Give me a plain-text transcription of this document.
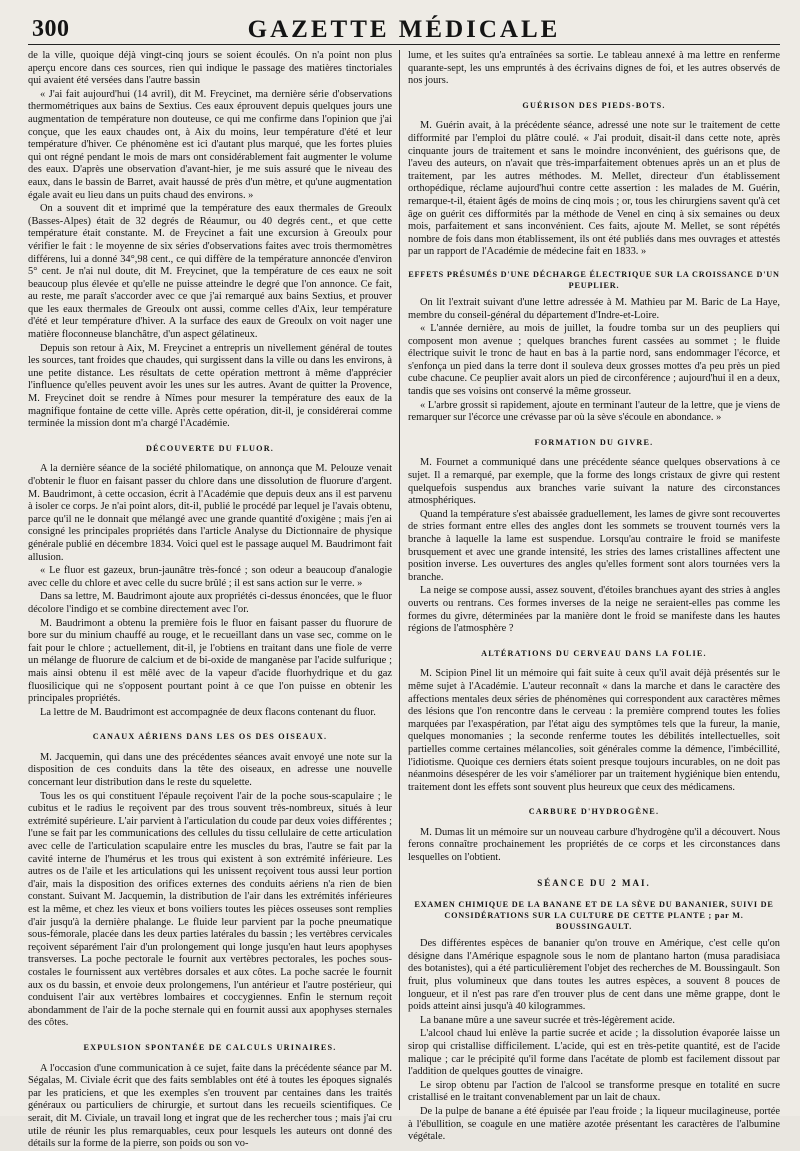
300	GAZETTE MÉDICALE

de la ville, quoique déjà vingt-cinq jours se soient écoulés. On n'a point non plus aperçu encore dans ces sources, rien qui indique le passage des matières tinctoriales qui avaient été versées dans l'autre bassin

« J'ai fait aujourd'hui (14 avril), dit M. Freycinet, ma dernière série d'observations thermométriques aux bains de Sextius. Ces eaux éprouvent depuis quelques jours une augmentation de température non douteuse, ce qui me confirme dans l'opinion que j'ai conçue, que les eaux chaudes ont, à Aix du moins, leur température d'été et leur température d'hiver. Ce phénomène est ici d'autant plus marqué, que les fortes pluies qui ont régné pendant le mois de mars ont considérablement fait augmenter le volume des eaux. D'après une observation d'avant-hier, je me suis assuré que le niveau des eaux, dans le bassin de Barret, avait haussé de près d'un mètre, et qu'une augmentation égale avait eu lieu dans un puits chaud des environs. »

On a souvent dit et imprimé que la température des eaux thermales de Greoulx (Basses-Alpes) était de 32 degrés de Réaumur, ou 40 degrés cent., et que cette température était constante. M. de Freycinet a fait une excursion à Greoulx pour vérifier le fait : le moyenne de six séries d'observations faites avec trois thermomètres différens, lui a donné 34°,98 cent., ce qui diffère de la température annoncée d'environ 5° cent. Je n'ai nul doute, dit M. Freycinet, que la température de ces eaux ne soit beaucoup plus élevée et qu'elle ne puisse atteindre le degré que l'on annonce. Ce fait, au reste, me paraît s'accorder avec ce que j'ai remarqué aux bains Sextius, et prouver que les eaux thermales de Greoulx ont aussi, comme celles d'Aix, leur température d'été et leur température d'hiver. A la surface des eaux de Greoulx on voit nager une matière floconneuse blanchâtre, d'un aspect gélatineux.

Depuis son retour à Aix, M. Freycinet a entrepris un nivellement général de toutes les sources, tant froides que chaudes, qui surgissent dans la ville ou dans les environs, à une petite distance. Les résultats de cette opération mettront à même d'apprécier l'influence qu'elles peuvent avoir les unes sur les autres. Avant de quitter la Provence, M. Freycinet doit se rendre à Nîmes pour mesurer la température des eaux de la magnifique fontaine de cette ville. Après cette opération, dit-il, je considérerai comme terminée la mission dont m'a chargé l'Académie.

DÉCOUVERTE DU FLUOR.

A la dernière séance de la société philomatique, on annonça que M. Pelouze venait d'obtenir le fluor en faisant passer du chlore dans une dissolution de fluorure d'argent. M. Baudrimont, à cette occasion, écrit à l'Académie que depuis deux ans il est parvenu à isoler ce corps. Je n'ai point alors, dit-il, publié le procédé par lequel je l'avais obtenu, parce qu'il ne le donnait que mélangé avec une grande quantité d'oxigène ; mais j'en ai consigné les principales propriétés dans l'article Analyse du Dictionnaire de physique générale publié en décembre 1834. Voici quel est le passage auquel M. Baudrimont fait allusion.

« Le fluor est gazeux, brun-jaunâtre très-foncé ; son odeur a beaucoup d'analogie avec celle du chlore et avec celle du sucre brûlé ; il est sans action sur le verre. »

Dans sa lettre, M. Baudrimont ajoute aux propriétés ci-dessus énoncées, que le fluor décolore l'indigo et se combine directement avec l'or.

M. Baudrimont a obtenu la première fois le fluor en faisant passer du fluorure de bore sur du minium chauffé au rouge, et le recueillant dans un vase sec, comme on le fait pour le chlore ; actuellement, dit-il, je l'obtiens en traitant dans une fiole de verre un mélange de fluorure de calcium et de bi-oxide de manganèse par l'acide sulfurique ; mais ainsi obtenu il est mêlé avec de la vapeur d'acide fluorhydrique et du gaz fluosilicique qui ne s'opposent pourtant point à ce que l'on puisse en obtenir les principales propriétés.

La lettre de M. Baudrimont est accompagnée de deux flacons contenant du fluor.

CANAUX AÉRIENS DANS LES OS DES OISEAUX.

M. Jacquemin, qui dans une des précédentes séances avait envoyé une note sur la disposition de ces conduits dans la tête des oiseaux, en adresse une nouvelle concernant leur distribution dans le reste du squelette.

Tous les os qui constituent l'épaule reçoivent l'air de la poche sous-scapulaire ; le cubitus et le radius le reçoivent par des trous souvent très-nombreux, situés à leur extrémité supérieure. L'air parvient à l'articulation du coude par deux voies différentes ; l'une se fait par les communications des cellules du tissu cellulaire de cette articulation avec celle de l'articulation scapulaire entre les muscles du bras, l'autre se fait par la cavité interne de l'humérus et les trous qui existent à son extrémité inférieure. Les autres os de l'aile et les articulations qui les unissent reçoivent tous aussi leur portion d'air, mais la disposition des orifices externes des conduits aériens n'a rien de bien constant. Suivant M. Jacquemin, la distribution de l'air dans les extrémités inférieures est la même, et chez les vieux et bons voiliers toutes les pièces osseuses sont remplies d'air jusqu'à la dernière phalange. Le fluide leur parvient par la poche pneumatique sous-fémorale, placée dans les deux parties latérales du bassin ; les vertèbres cervicales reçoivent séparément l'air d'un prolongement qui longe jusqu'en haut leurs apophyses transverses. La poche pectorale le fournit aux vertèbres pectorales, les poches sous-costales le fournissent aux vertèbres dorsales et aux côtes. La poche sacrée le fournit aux os du bassin, et envoie deux prolongemens, l'un antérieur et l'autre postérieur, qui conduisent l'air aux vertèbres lombaires et coccygiennes. Enfin le sternum reçoit abondamment de l'air de la poche sternale qui en fournit aussi aux apophyses sternales des côtes.

EXPULSION SPONTANÉE DE CALCULS URINAIRES.

A l'occasion d'une communication à ce sujet, faite dans la précédente séance par M. Ségalas, M. Civiale écrit que des faits semblables ont été à toutes les époques signalés par les praticiens, et que les exemples s'en trouvent par centaines dans les traités généraux ou particuliers de chirurgie, et surtout dans les recueils scientifiques. Ce serait, dit M. Civiale, un travail long et ingrat que de les rechercher tous ; mais j'ai cru utile de réunir les plus remarquables, ceux pour lesquels les auteurs ont donné des détails sur la forme de la pierre, son poids ou son vo-

lume, et les suites qu'a entraînées sa sortie. Le tableau annexé à ma lettre en renferme quarante-sept, les uns empruntés à des écrivains dignes de foi, et les autres observés de nos jours.

GUÉRISON DES PIEDS-BOTS.

M. Guérin avait, à la précédente séance, adressé une note sur le traitement de cette difformité par l'emploi du plâtre coulé. « J'ai produit, disait-il dans cette note, après cinquante jours de traitement et sans le moindre inconvénient, des guérisons que, de l'aveu des auteurs, on n'avait que très-imparfaitement obtenues après un an et plus de traitement, par les autres méthodes. M. Mellet, directeur d'un établissement orthopédique, réclame aujourd'hui contre cette assertion : les malades de M. Guérin, remarque-t-il, étaient âgés de moins de cinq mois ; or, tous les chirurgiens savent qu'à cet âge on guérit ces difformités par la méthode de Venel en cinq à six semaines ou deux mois, parfaitement et sans inconvénient. Ces faits, ajoute M. Mellet, se sont répétés nombre de fois dans mon établissement, ils ont été publiés dans mes ouvrages et attestés par un rapport de l'Académie de médecine fait en 1833. »

EFFETS PRÉSUMÉS D'UNE DÉCHARGE ÉLECTRIQUE SUR LA CROISSANCE D'UN PEUPLIER.

On lit l'extrait suivant d'une lettre adressée à M. Mathieu par M. Baric de La Haye, membre du conseil-général du département d'Indre-et-Loire.

« L'année dernière, au mois de juillet, la foudre tomba sur un des peupliers qui composent mon avenue ; quelques branches furent cassées au sommet ; le fluide électrique suivit le tronc de haut en bas à la partie nord, sans endommager l'écorce, et s'enfonça un pied dans la terre dont il souleva deux grosses mottes d'a peu près un pied cube chacune. Ce peuplier avait alors un pied de circonférence ; aujourd'hui il en a deux, tandis que ses voisins ont conservé la même grosseur.

« L'arbre grossit si rapidement, ajoute en terminant l'auteur de la lettre, que je viens de remarquer sur l'écorce une crévasse par où la sève s'écoule en abondance. »

FORMATION DU GIVRE.

M. Fournet a communiqué dans une précédente séance quelques observations à ce sujet. Il a remarqué, par exemple, que la forme des longs cristaux de givre qui restent quelquefois suspendus aux branches varie suivant la nature des circonstances atmosphériques.

Quand la température s'est abaissée graduellement, les lames de givre sont recouvertes de stries formant entre elles des angles dont les sommets se trouvent tournés vers la branche à laquelle la lame est suspendue. Lorsqu'au contraire le froid se manifeste brusquement et avec une grande intensité, les stries des lames cristallines affectent une position inverse. Les ouvertures des angles qu'elles forment sont alors tournées vers la branche.

La neige se compose aussi, assez souvent, d'étoiles branchues ayant des stries à angles ouverts ou rentrans. Ces formes inverses de la neige ne seraient-elles pas comme les formes du givre, déterminées par la manière dont le froid se manifeste dans les hautes régions de l'atmosphère ?

ALTÉRATIONS DU CERVEAU DANS LA FOLIE.

M. Scipion Pinel lit un mémoire qui fait suite à ceux qu'il avait déjà présentés sur le même sujet à l'Académie. L'auteur reconnaît « dans la marche et dans le caractère des affections mentales deux séries de phénomènes qui correspondent aux caractères mêmes des lésions que l'on rencontre dans le cerveau : la première comprend toutes les folies marquées par l'exaspération, par l'état aigu des symptômes tels que la fureur, la manie, quelques monomanies ; la seconde renferme toutes les débilités intellectuelles, soit partielles comme certaines mélancolies, soit générales comme la démence, l'imbécillité, l'idiotisme. Quoique ces derniers états soient presque toujours incurables, on ne doit pas néanmoins désespérer de les voir s'améliorer par un traitement hygiénique bien entendu, traitement dont les effets sont souvent plus heureux que ceux des médicamens.

CARBURE D'HYDROGÈNE.

M. Dumas lit un mémoire sur un nouveau carbure d'hydrogène qu'il a découvert. Nous ferons connaître prochainement les propriétés de ce corps et les circonstances dans lesquelles on l'obtient.

SÉANCE DU 2 MAI.
EXAMEN CHIMIQUE DE LA BANANE ET DE LA SÈVE DU BANANIER, SUIVI DE CONSIDÉRATIONS SUR LA CULTURE DE CETTE PLANTE ; par M. BOUSSINGAULT.

Des différentes espèces de bananier qu'on trouve en Amérique, c'est celle qu'on désigne dans l'Amérique espagnole sous le nom de plantano harton (musa paradisiaca des botanistes), qui a été particulièrement l'objet des recherches de M. Boussingault. Son fruit, plus volumineux que dans toutes les autres espèces, a souvent 8 pouces de longueur, et il n'est pas rare d'en trouver plus de cent dans une même grappe, dont le poids atteint ainsi jusqu'à 40 kilogrammes.

La banane mûre a une saveur sucrée et très-légèrement acide.

L'alcool chaud lui enlève la partie sucrée et acide ; la dissolution évaporée laisse un sirop qui cristallise difficilement. L'acide, qui est en très-petite quantité, est de l'acide malique ; car le précipité qu'il forme dans l'acétate de plomb est facilement dissout par l'addition de quelques gouttes de vinaigre.

Le sirop obtenu par l'action de l'alcool se transforme presque en totalité en sucre cristallisé en le traitant convenablement par un lait de chaux.

De la pulpe de banane a été épuisée par l'eau froide ; la liqueur mucilagineuse, portée à l'ébullition, se coagule en une matière azotée présentant les caractères de l'albumine végétale.
